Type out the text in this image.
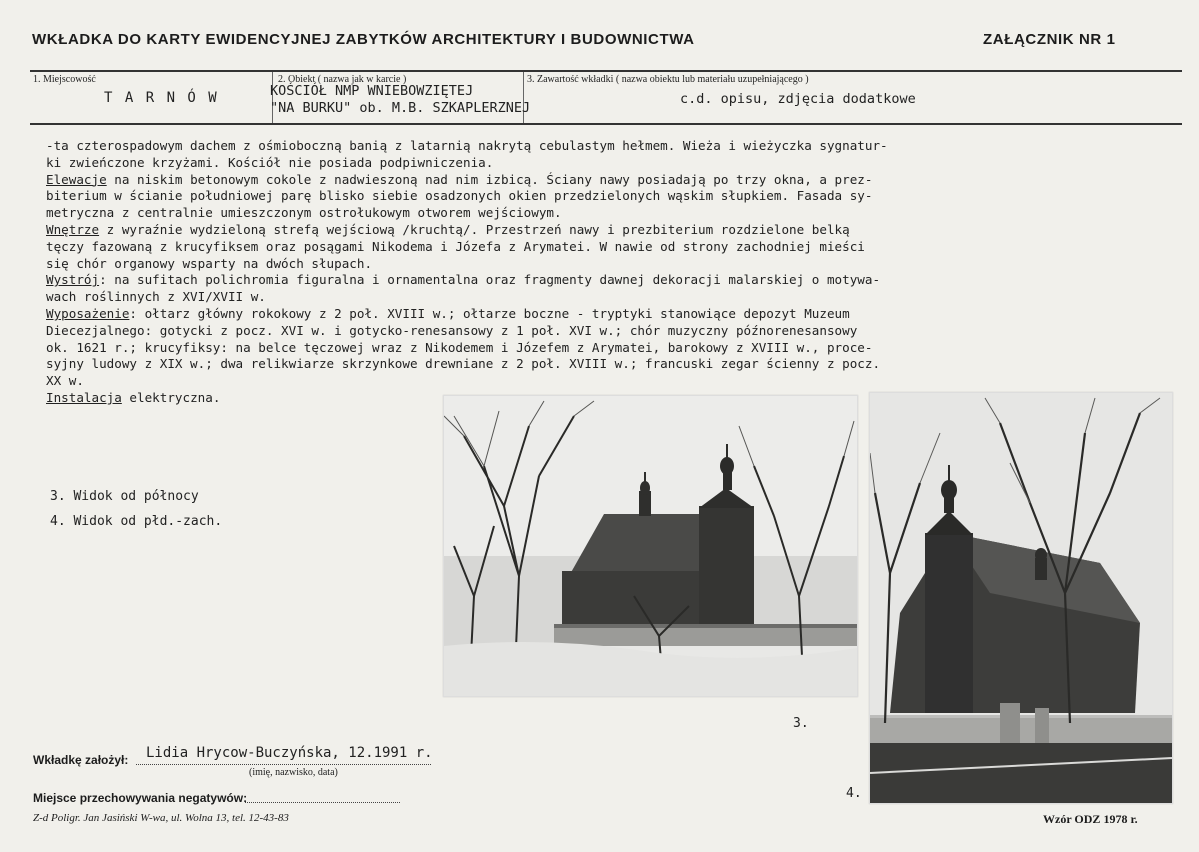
WKŁADKA DO KARTY EWIDENCYJNEJ ZABYTKÓW ARCHITEKTURY I BUDOWNICTWA	ZAŁĄCZNIK NR 1
1. Miejscowość
T A R N Ó W
2. Obiekt ( nazwa jak w karcie )
KOŚCIÓŁ NMP WNIEBOWZIĘTEJ
"NA BURKU" ob. M.B. SZKAPLERZNEJ
3. Zawartość wkładki ( nazwa obiektu lub materiału uzupełniającego )
c.d. opisu, zdjęcia dodatkowe
-ta czterospadowym dachem z ośmioboczną banią z latarnią nakrytą cebulastym hełmem. Wieża i wieżyczka sygnatur-
ki zwieńczone krzyżami. Kościół nie posiada podpiwniczenia.
Elewacje na niskim betonowym cokole z nadwieszoną nad nim izbicą. Ściany nawy posiadają po trzy okna, a prez-
biterium w ścianie południowej parę blisko siebie osadzonych okien przedzielonych wąskim słupkiem. Fasada sy-
metryczna z centralnie umieszczonym ostrołukowym otworem wejściowym.
Wnętrze z wyraźnie wydzieloną strefą wejściową /kruchtą/. Przestrzeń nawy i prezbiterium rozdzielone belką
tęczy fazowaną z krucyfiksem oraz posągami Nikodema i Józefa z Arymatei. W nawie od strony zachodniej mieści
się chór organowy wsparty na dwóch słupach.
Wystrój: na sufitach polichromia figuralna i ornamentalna oraz fragmenty dawnej dekoracji malarskiej o motywa-
wach roślinnych z XVI/XVII w.
Wyposażenie: ołtarz główny rokokowy z 2 poł. XVIII w.; ołtarze boczne - tryptyki stanowiące depozyt Muzeum
Diecezjalnego: gotycki z pocz. XVI w. i gotycko-renesansowy z 1 poł. XVI w.; chór muzyczny późnorenesansowy
ok. 1621 r.; krucyfiksy: na belce tęczowej wraz z Nikodemem i Józefem z Arymatei, barokowy z XVIII w., proce-
syjny ludowy z XIX w.; dwa relikwiarze skrzynkowe drewniane z 2 poł. XVIII w.; francuski zegar ścienny z pocz.
XX w.
Instalacja elektryczna.
3. Widok od północy
4. Widok od płd.-zach.
3.
4.
Wkładkę założył: Lidia Hrycow-Buczyńska, 12.1991 r.
(imię, nazwisko, data)
Miejsce przechowywania negatywów:
Z-d Poligr. Jan Jasiński W-wa, ul. Wolna 13, tel. 12-43-83	Wzór ODZ 1978 r.
